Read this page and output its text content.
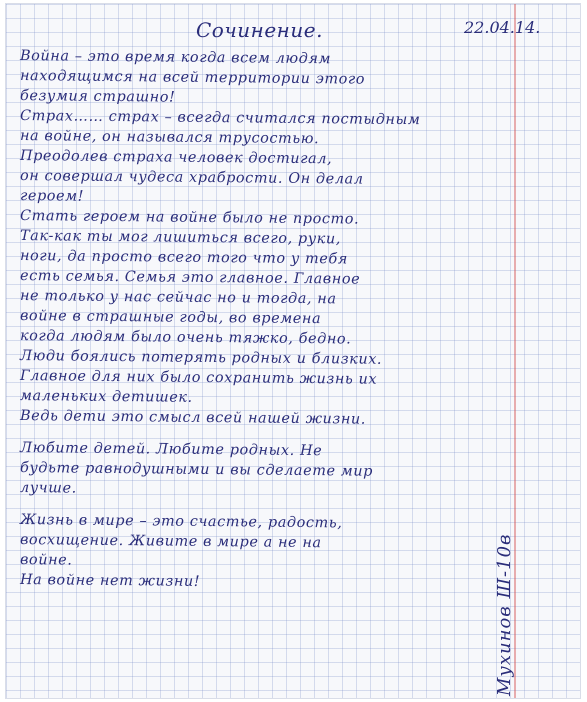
Сочинение.	22.04.14.
Война – это время когда всем людям
находящимся на всей территории этого
безумия страшно!
Страх…… страх – всегда считался постыдным
на войне, он назывался трусостью.
Преодолев страха человек достигал,
он совершал чудеса храбрости. Он делал
героем!
Стать героем на войне было не просто.
Так-как ты мог лишиться всего, руки,
ноги, да просто всего того что у тебя
есть семья. Семья это главное. Главное
не только у нас сейчас но и тогда, на
войне в страшные годы, во времена
когда людям было очень тяжко, бедно.
Люди боялись потерять родных и близких.
Главное для них было сохранить жизнь их
маленьких детишек.
Ведь дети это смысл всей нашей жизни.
Любите детей. Любите родных. Не
будьте равнодушными и вы сделаете мир
лучше.
Жизнь в мире – это счастье, радость,
восхищение. Живите в мире а не на
войне.
На войне нет жизни!	Мухинов Ш-10в
